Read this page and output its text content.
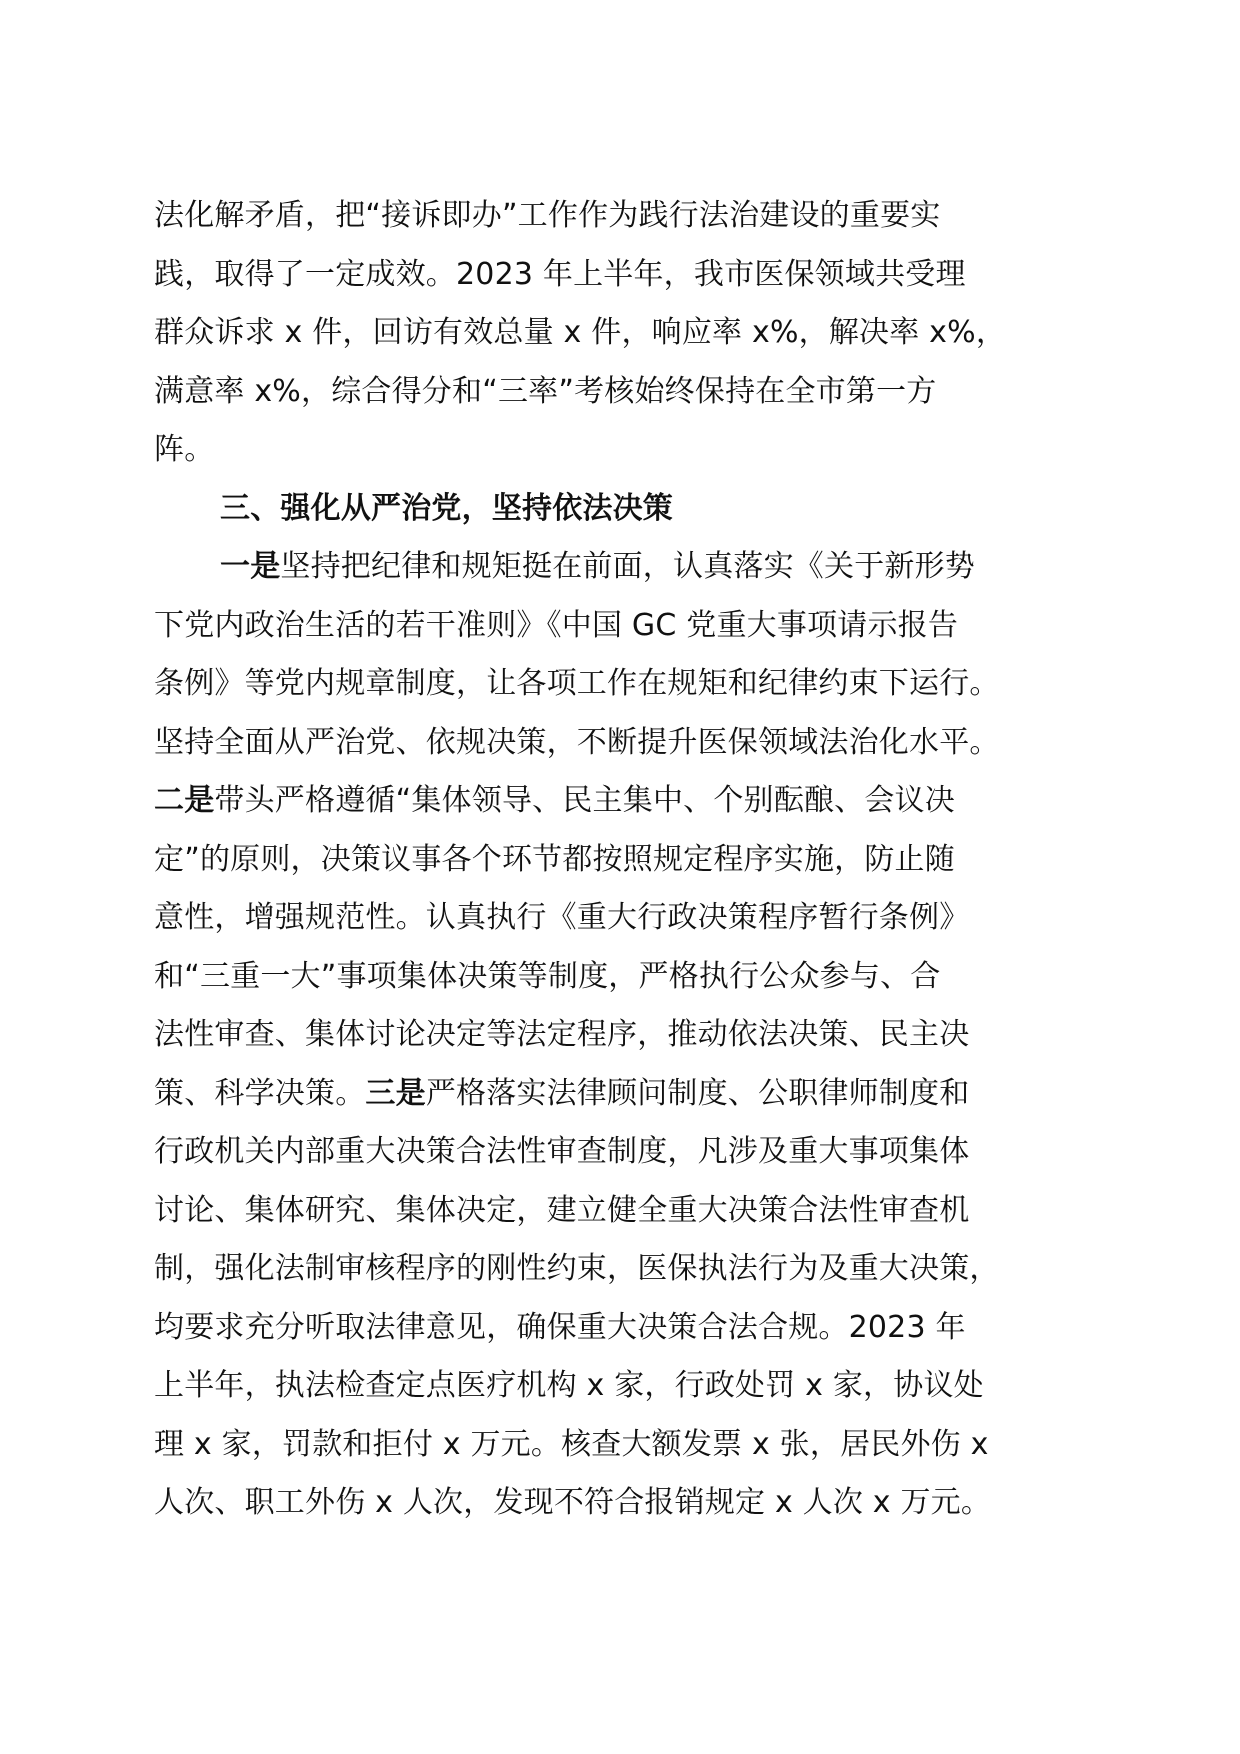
法化解矛盾，把“接诉即办”工作作为践行法治建设的重要实
践，取得了一定成效。2023 年上半年，我市医保领域共受理
群众诉求 x 件，回访有效总量 x 件，响应率 x%，解决率 x%，
满意率 x%，综合得分和“三率”考核始终保持在全市第一方
阵。
三、强化从严治党，坚持依法决策
一是坚持把纪律和规矩挺在前面，认真落实《关于新形势
下党内政治生活的若干准则》《中国 GC 党重大事项请示报告
条例》等党内规章制度，让各项工作在规矩和纪律约束下运行。
坚持全面从严治党、依规决策，不断提升医保领域法治化水平。
二是带头严格遵循“集体领导、民主集中、个别酝酿、会议决
定”的原则，决策议事各个环节都按照规定程序实施，防止随
意性，增强规范性。认真执行《重大行政决策程序暂行条例》
和“三重一大”事项集体决策等制度，严格执行公众参与、合
法性审查、集体讨论决定等法定程序，推动依法决策、民主决
策、科学决策。三是严格落实法律顾问制度、公职律师制度和
行政机关内部重大决策合法性审查制度，凡涉及重大事项集体
讨论、集体研究、集体决定，建立健全重大决策合法性审查机
制，强化法制审核程序的刚性约束，医保执法行为及重大决策，
均要求充分听取法律意见，确保重大决策合法合规。2023 年
上半年，执法检查定点医疗机构 x 家，行政处罚 x 家，协议处
理 x 家，罚款和拒付 x 万元。核查大额发票 x 张，居民外伤 x
人次、职工外伤 x 人次，发现不符合报销规定 x 人次 x 万元。
